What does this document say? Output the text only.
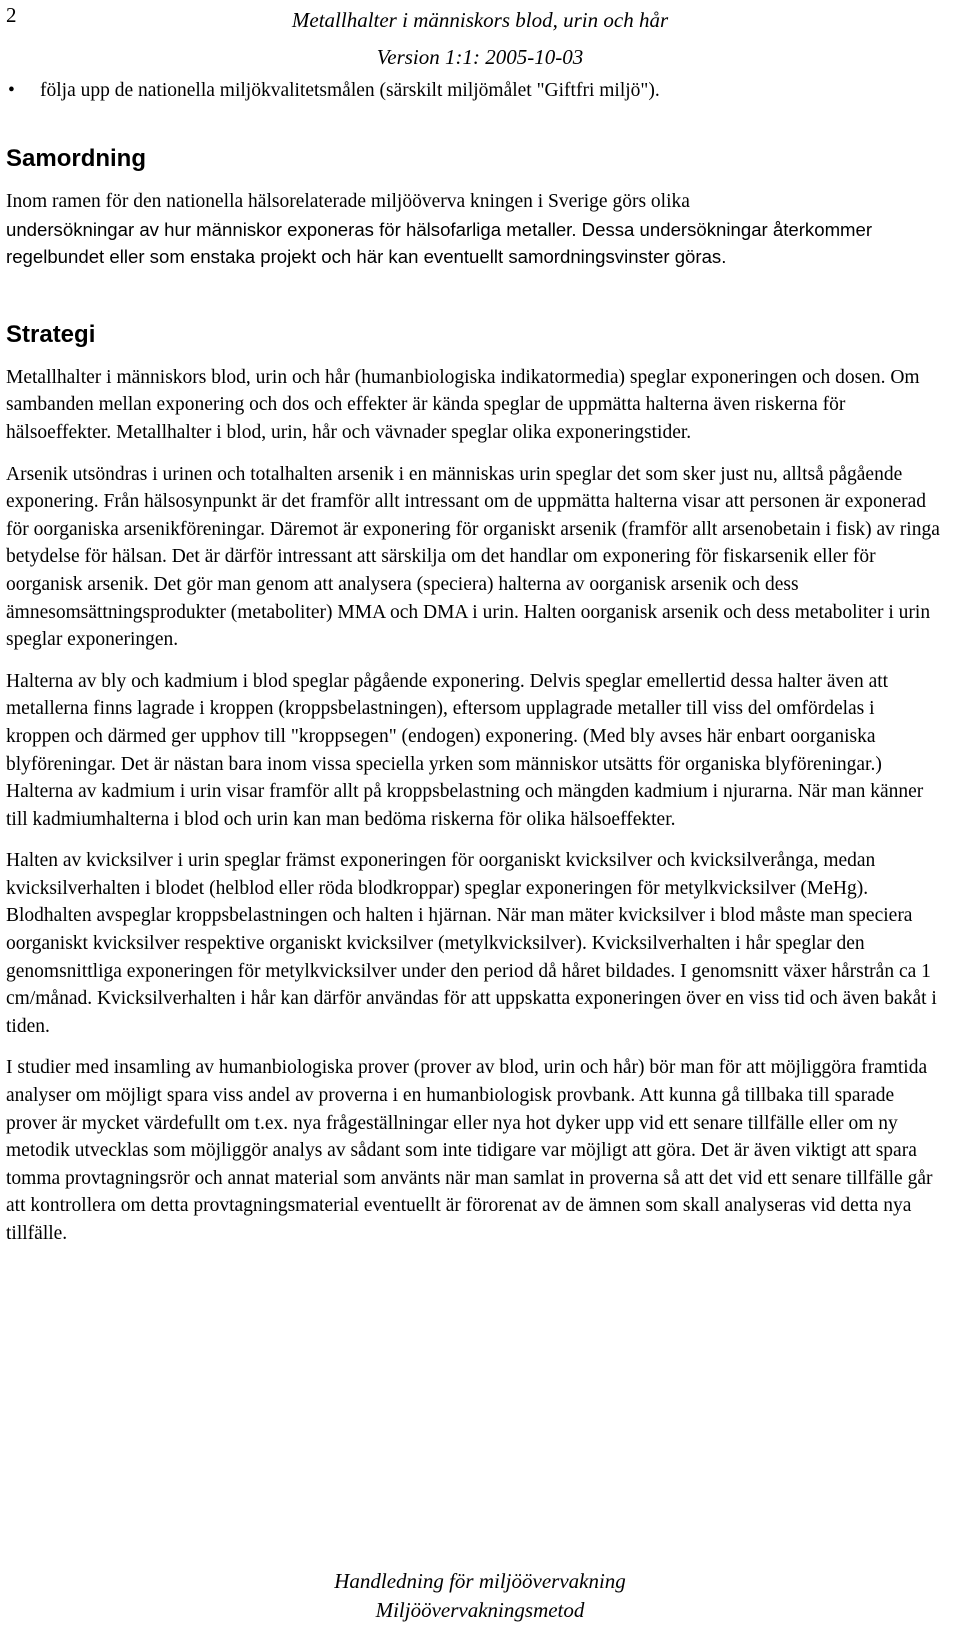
2	Metallhalter i människors blod, urin och hår
Version 1:1: 2005-10-03
• följa upp de nationella miljökvalitetsmålen (särskilt miljömålet "Giftfri miljö").
Samordning

Inom ramen för den nationella hälsorelaterade miljööverva kningen i Sverige görs olika

undersökningar av hur människor exponeras för hälsofarliga metaller. Dessa undersökningar återkommer regelbundet eller som enstaka projekt och här kan eventuellt samordningsvinster göras.

Strategi

Metallhalter i människors blod, urin och hår (humanbiologiska indikatormedia) speglar exponeringen och dosen. Om sambanden mellan exponering och dos och effekter är kända speglar de uppmätta halterna även riskerna för hälsoeffekter. Metallhalter i blod, urin, hår och vävnader speglar olika exponeringstider.

Arsenik utsöndras i urinen och totalhalten arsenik i en människas urin speglar det som sker just nu, alltså pågående exponering. Från hälsosynpunkt är det framför allt intressant om de uppmätta halterna visar att personen är exponerad för oorganiska arsenikföreningar. Däremot är exponering för organiskt arsenik (framför allt arsenobetain i fisk) av ringa betydelse för hälsan. Det är därför intressant att särskilja om det handlar om exponering för fiskarsenik eller för oorganisk arsenik. Det gör man genom att analysera (speciera) halterna av oorganisk arsenik och dess ämnesomsättningsprodukter (metaboliter) MMA och DMA i urin. Halten oorganisk arsenik och dess metaboliter i urin speglar exponeringen.

Halterna av bly och kadmium i blod speglar pågående exponering. Delvis speglar emellertid dessa halter även att metallerna finns lagrade i kroppen (kroppsbelastningen), eftersom upplagrade metaller till viss del omfördelas i kroppen och därmed ger upphov till "kroppsegen" (endogen) exponering. (Med bly avses här enbart oorganiska blyföreningar. Det är nästan bara inom vissa speciella yrken som människor utsätts för organiska blyföreningar.) Halterna av kadmium i urin visar framför allt på kroppsbelastning och mängden kadmium i njurarna. När man känner till kadmiumhalterna i blod och urin kan man bedöma riskerna för olika hälsoeffekter.

Halten av kvicksilver i urin speglar främst exponeringen för oorganiskt kvicksilver och kvicksilverånga, medan kvicksilverhalten i blodet (helblod eller röda blodkroppar) speglar exponeringen för metylkvicksilver (MeHg). Blodhalten avspeglar kroppsbelastningen och halten i hjärnan. När man mäter kvicksilver i blod måste man speciera oorganiskt kvicksilver respektive organiskt kvicksilver (metylkvicksilver). Kvicksilverhalten i hår speglar den genomsnittliga exponeringen för metylkvicksilver under den period då håret bildades. I genomsnitt växer hårstrån ca 1 cm/månad. Kvicksilverhalten i hår kan därför användas för att uppskatta exponeringen över en viss tid och även bakåt i tiden.

I studier med insamling av humanbiologiska prover (prover av blod, urin och hår) bör man för att möjliggöra framtida analyser om möjligt spara viss andel av proverna i en humanbiologisk provbank. Att kunna gå tillbaka till sparade prover är mycket värdefullt om t.ex. nya frågeställningar eller nya hot dyker upp vid ett senare tillfälle eller om ny metodik utvecklas som möjliggör analys av sådant som inte tidigare var möjligt att göra. Det är även viktigt att spara tomma provtagningsrör och annat material som använts när man samlat in proverna så att det vid ett senare tillfälle går att kontrollera om detta provtagningsmaterial eventuellt är förorenat av de ämnen som skall analyseras vid detta nya tillfälle.

Handledning för miljöövervakning
Miljöövervakningsmetod
